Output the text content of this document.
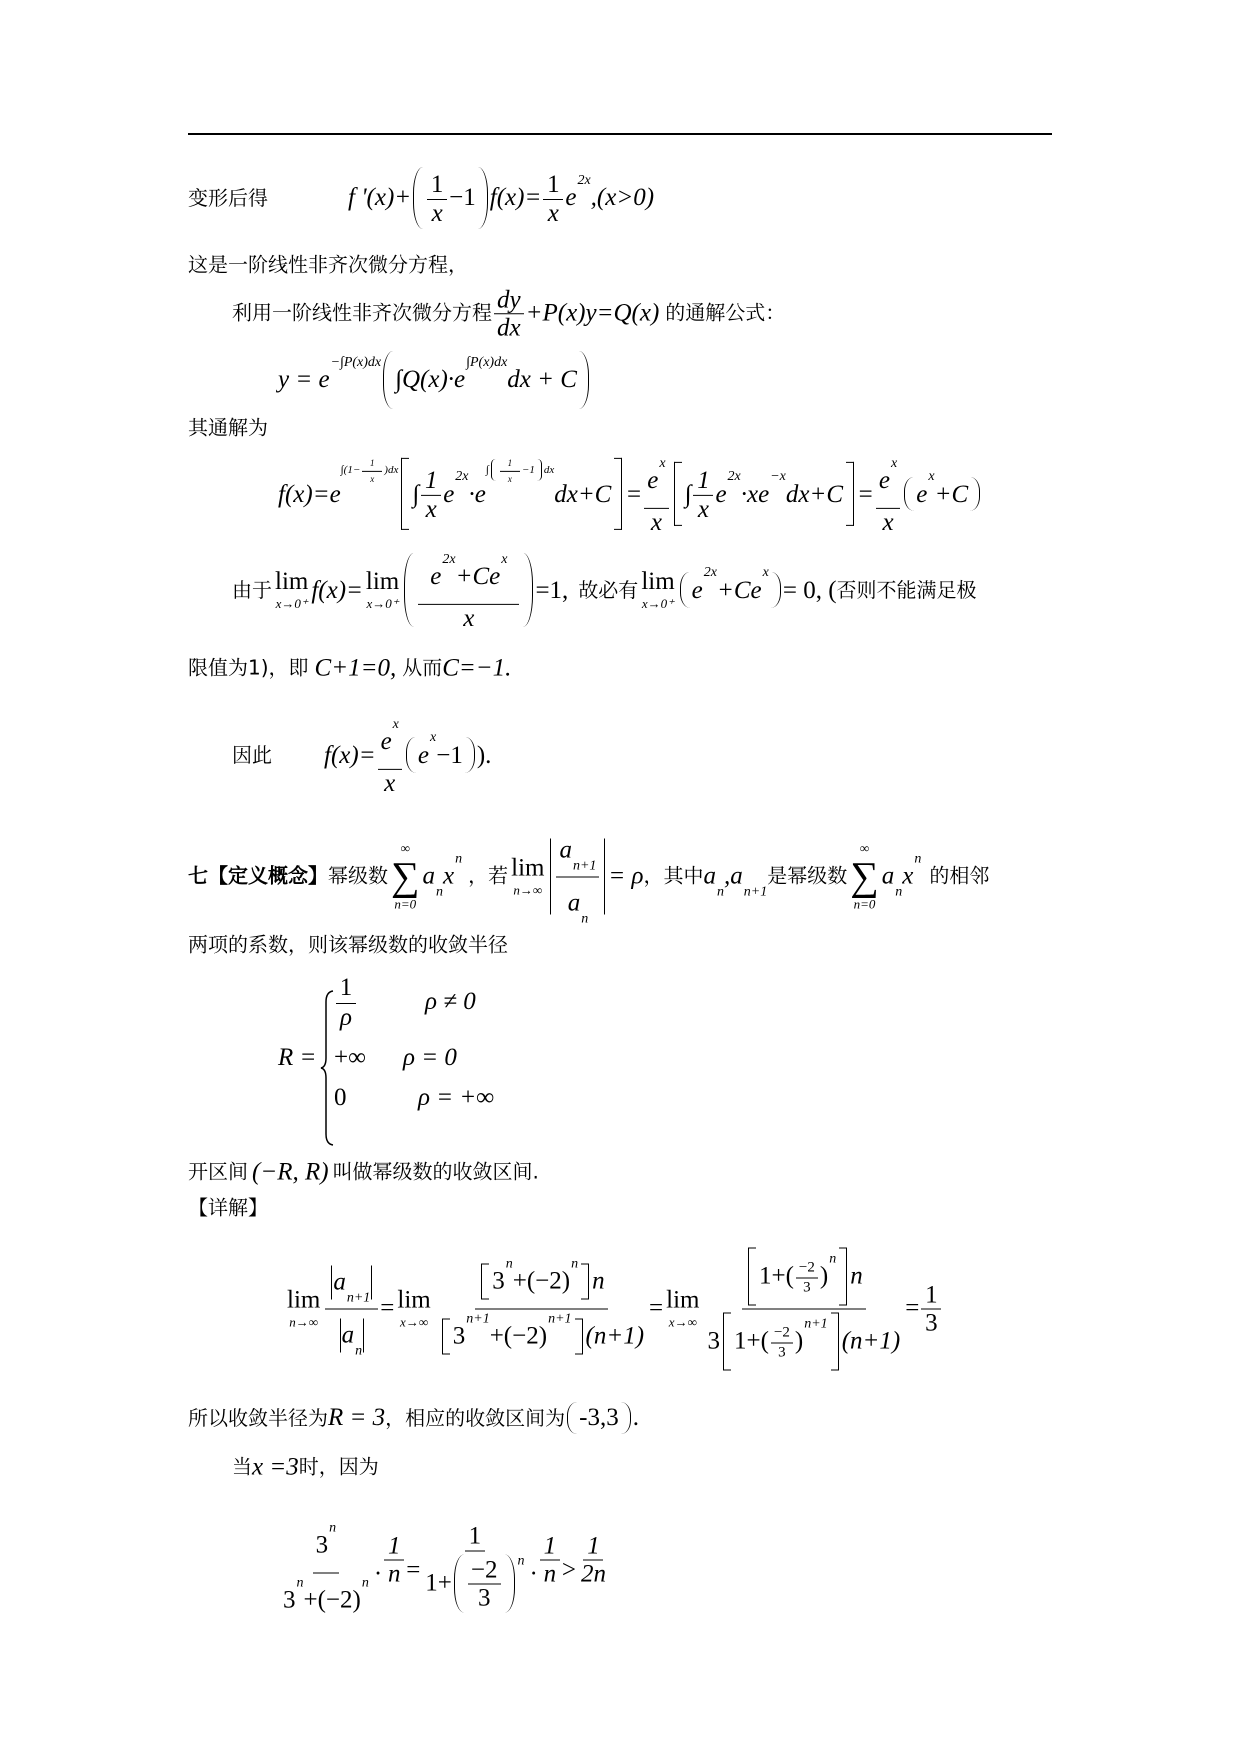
变形后得	f '$(x)+ \frac{1}{x} -1$ $f(x)= \frac{1}{x}$ e
2x
,(x>0)
这是一阶线性非齐次微分方程，
利用一阶线性非齐次微分方程 $\frac{dy}{dx} +P(x)y=Q(x)$ 的通解公式：
y = e
−∫P(x)dx
∫Q(x)·e
∫P(x)dx
dx + C
其通解为
f(x)=e
$\int(1- \frac{1}{x} )dx$
∫ $\frac{1}{x}$ e
2x
·e
∫ $\frac{1}{x} -1$ dx
dx+C = e
x
x ∫ $\frac{1}{x}$ e
2x
·xe
−x
dx+C = e
x
x e
x
+C
由于 lim
x→0⁺
f(x)= lim
x→0⁺ e
2x
+Ce
x
x =1, 故必有 lim
x→0⁺
e
2x
+Ce
x
= 0, ( 否则不能满足极
限值为1)，即 C+1=0, 从而 C=−1.
因此	f(x)= e
x
x e
x
−1 ).
七 【定义概念】 幂级数
∞
∑
n=0
a
n
x
n
，若 lim
n→∞ a
n+1
a
n = ρ ，其中 a
n
,a
n+1
是幂级数
∞
∑
n=0
a
n
x
n
的相邻
两项的系数，则该幂级数的收敛半径
R =
$\frac{1}{\rho}$	ρ ≠ 0
+∞ ρ = 0
0	ρ = +∞
开区间 (−R, R) 叫做幂级数的收敛区间.
【详解】
lim
n→∞ a
n+1
a
n = lim
x→∞ 3
n
+(−2)
n
n
3
n+1
+(−2)
n+1
(n+1) = lim
x→∞ $1+( \frac{-2}{3}$ )
n
n
3 $1+( \frac{-2}{3}$ )
n+1
$(n+1) = \frac{1}{3}$
所以收敛半径为 R = 3 ，相应的收敛区间为 -3,3 .
当 x =3 时，因为
3
n
3
n
+(−2)
$n \cdot \frac{1}{n} = \frac{1}{1+ \frac{-2}{3} n} \cdot \frac{1}{n} > \frac{1}{2n}$
